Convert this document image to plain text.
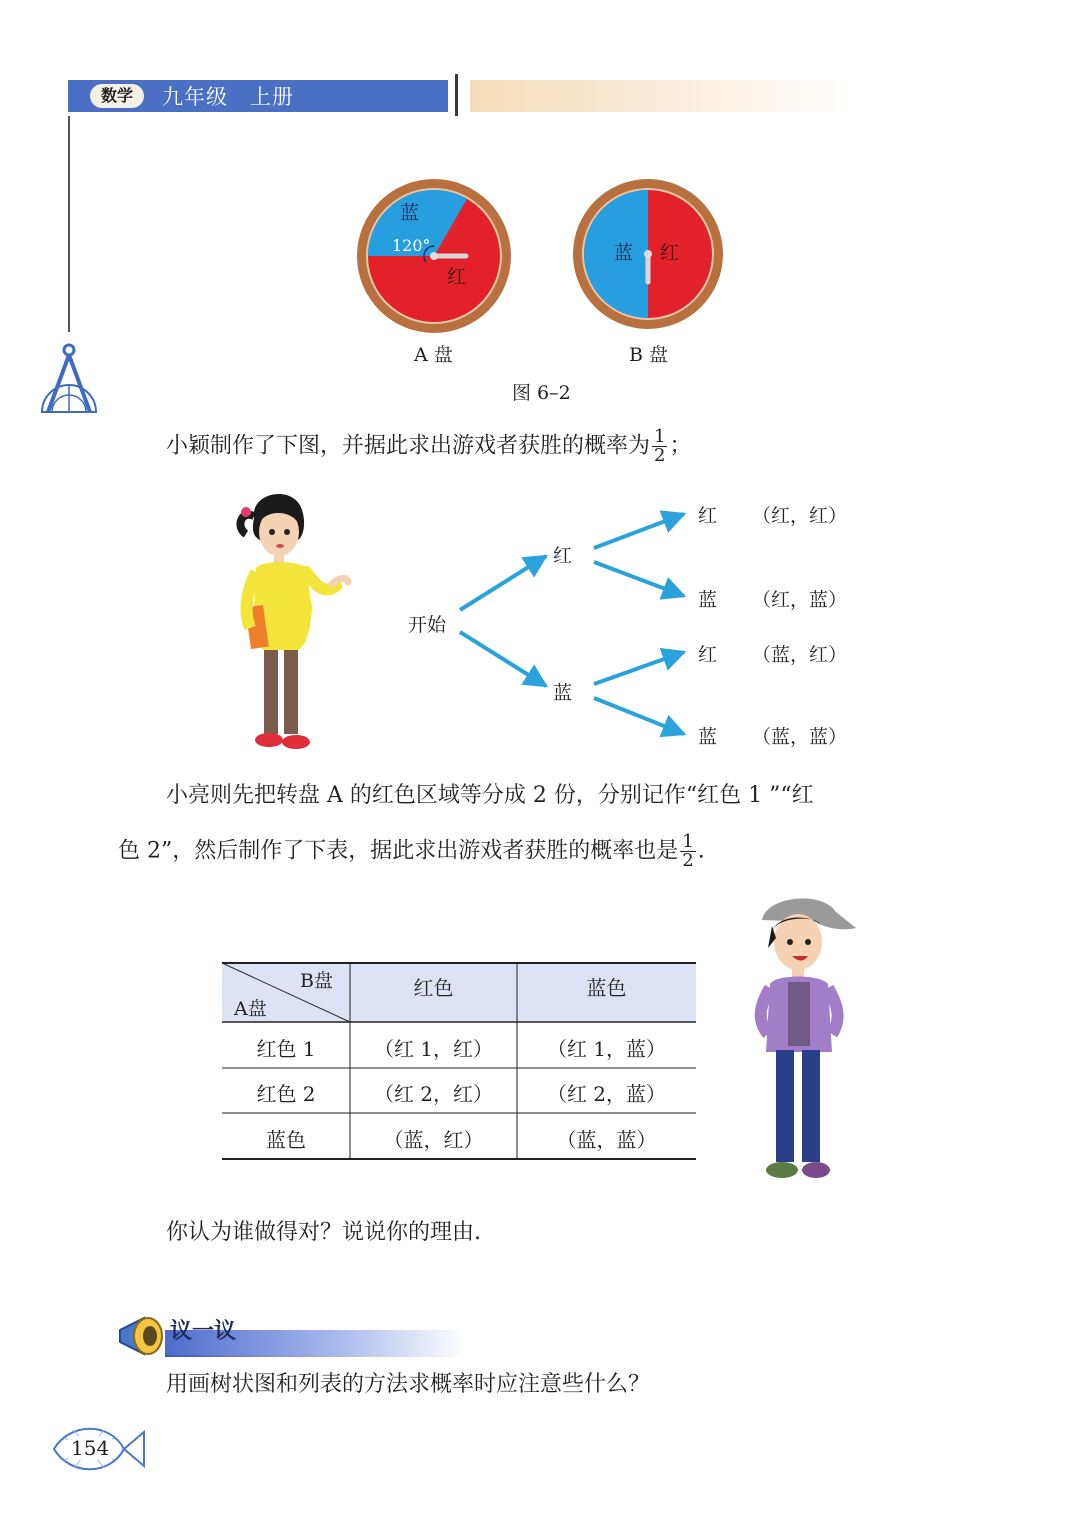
数学	九年级　上册
蓝
120°
红
蓝 红
A 盘	B 盘
图 6–2
小颖制作了下图，并据此求出游戏者获胜的概率为 $\frac{1}{2}$ ；
开始
红
蓝
红
蓝
红
蓝
（红，红）
（红，蓝）
（蓝，红）
（蓝，蓝）
小亮则先把转盘 A 的红色区域等分成 2 份，分别记作“红色 1 ”“红
色 2”，然后制作了下表，据此求出游戏者获胜的概率也是 $\frac{1}{2}$ .
B盘
A盘
红色	蓝色
红色 1	（红 1，红）	（红 1，蓝）
红色 2	（红 2，红）	（红 2，蓝）
蓝色	（蓝，红）	（蓝，蓝）
你认为谁做得对？说说你的理由.
议一议
用画树状图和列表的方法求概率时应注意些什么？
154
